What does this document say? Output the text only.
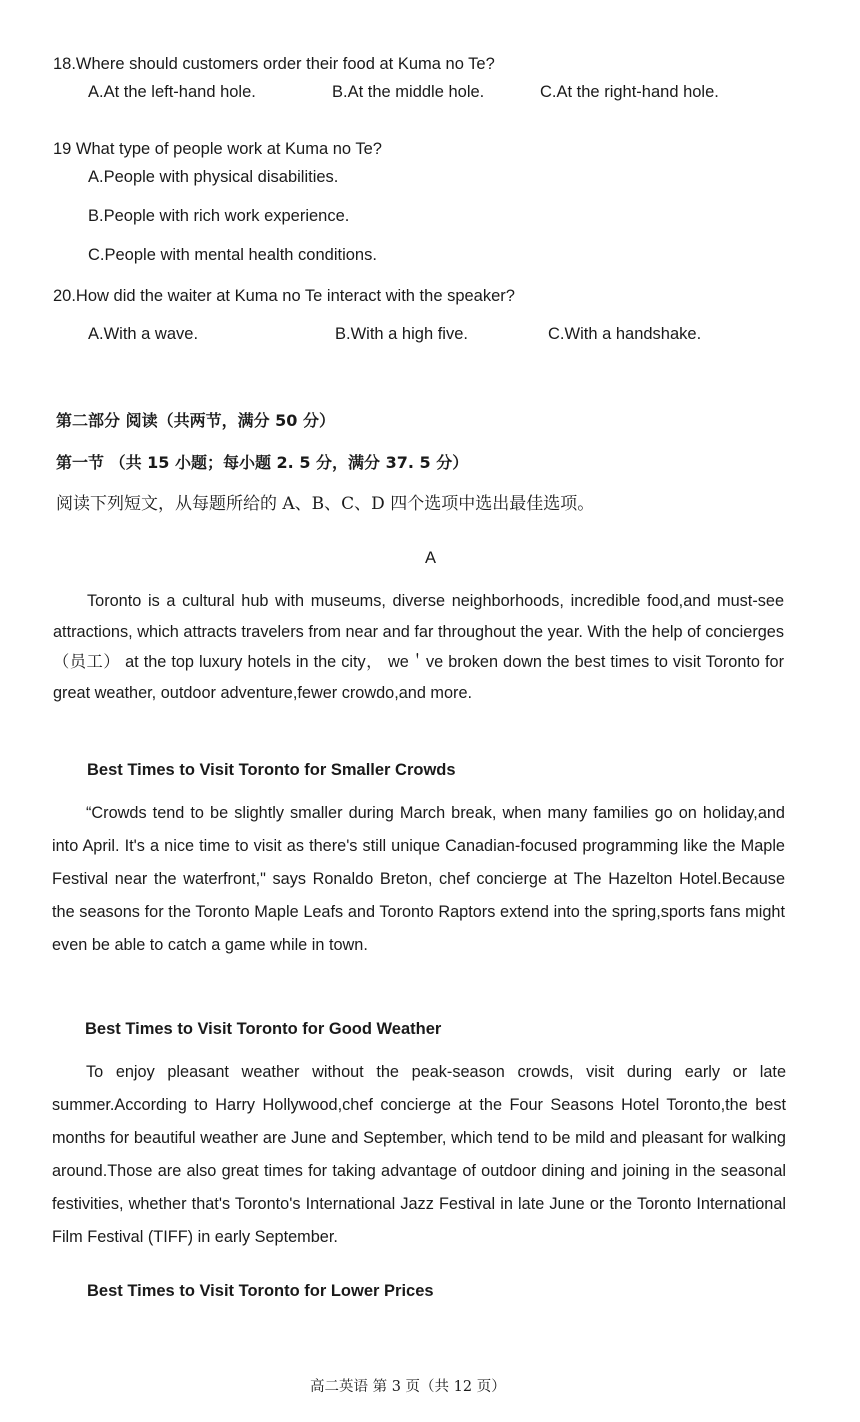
18.Where should customers order their food at Kuma no Te?
A.At the left-hand hole.	B.At the middle hole.	C.At the right-hand hole.
19 What type of people work at Kuma no Te?
A.People with physical disabilities.
B.People with rich work experience.
C.People with mental health conditions.
20.How did the waiter at Kuma no Te interact with the speaker?
A.With a wave.	B.With a high five.	C.With a handshake.
第二部分 阅读（共两节，满分 50 分）
第一节 （共 15 小题；每小题 2. 5 分，满分 37. 5 分）
阅读下列短文，从每题所给的 A、B、C、D 四个选项中选出最佳选项。
A
Toronto is a cultural hub with museums, diverse neighborhoods, incredible food,and must-see attractions, which attracts travelers from near and far throughout the year. With the help of concierges （员工） at the top luxury hotels in the city， we＇ve broken down the best times to visit Toronto for great weather, outdoor adventure,fewer crowdo,and more.
Best Times to Visit Toronto for Smaller Crowds
“Crowds tend to be slightly smaller during March break, when many families go on holiday,and into April. It's a nice time to visit as there's still unique Canadian-focused programming like the Maple Festival near the waterfront," says Ronaldo Breton, chef concierge at The Hazelton Hotel.Because the seasons for the Toronto Maple Leafs and Toronto Raptors extend into the spring,sports fans might even be able to catch a game while in town.
Best Times to Visit Toronto for Good Weather
To enjoy pleasant weather without the peak-season crowds, visit during early or late summer.According to Harry Hollywood,chef concierge at the Four Seasons Hotel Toronto,the best months for beautiful weather are June and September, which tend to be mild and pleasant for walking around.Those are also great times for taking advantage of outdoor dining and joining in the seasonal festivities, whether that's Toronto's International Jazz Festival in late June or the Toronto International Film Festival (TIFF) in early September.
Best Times to Visit Toronto for Lower Prices
高二英语 第 3 页（共 12 页）
